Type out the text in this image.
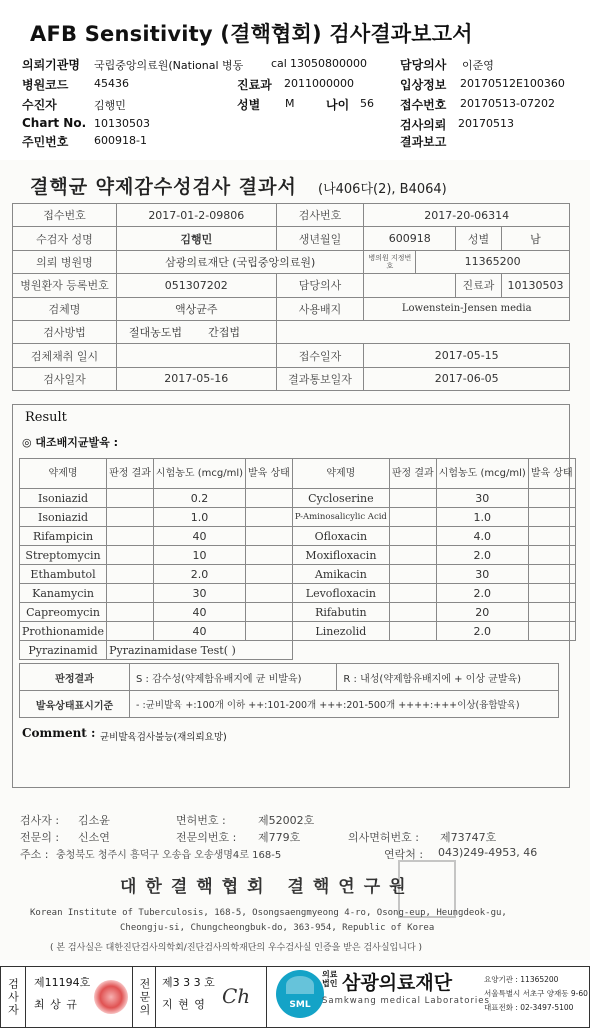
AFB Sensitivity (결핵협회) 검사결과보고서
의뢰기관명 국립중앙의료원(National 병동	cal 13050800000	담당의사 이준영
병원코드 45436	진료과 2011000000	입상정보 20170512E100360
수진자	김행민	성별 M	나이 56 접수번호 20170513-07202
Chart No. 10130503	검사의뢰 20170513
주민번호 600918-1	결과보고
결핵균 약제감수성검사 결과서 (나406다(2), B4064)
접수번호	2017-01-2-09806	검사번호	2017-20-06314			
수검자 성명	김행민	생년월일	600918		성별	남
의뢰 병원명	삼광의료재단 (국립중앙의료원)		병의원 지정번호	11365200		
병원환자 등록번호	051307202	담당의사			진료과	10130503
검체명	액상균주	사용배지	Lowenstein-Jensen media			
검사방법	절대농도법 간접법					
검체채취 일시		접수일자	2017-05-15			
검사일자	2017-05-16	결과통보일자	2017-06-05			
Result
◎ 대조배지균발육 :
약제명	판정 결과	시험농도 (mcg/ml)	발육 상태	약제명	판정 결과	시험농도 (mcg/ml)	발육 상태
Isoniazid		0.2		Cycloserine		30	
Isoniazid		1.0		P-Aminosalicylic Acid		1.0	
Rifampicin		40		Ofloxacin		4.0	
Streptomycin		10		Moxifloxacin		2.0	
Ethambutol		2.0		Amikacin		30	
Kanamycin		30		Levofloxacin		2.0	
Capreomycin		40		Rifabutin		20	
Prothionamide		40		Linezolid		2.0	
Pyrazinamid	Pyrazinamidase Test( )						
판정결과	S : 감수성(약제함유배지에 균 비발육)	R : 내성(약제함유배지에 + 이상 균발육)
발육상태표시기준	- :균비발육 +:100개 이하 ++:101-200개 +++:201-500개 ++++:+++이상(융합발육)	
Comment : 균비발육검사불능(재의뢰요망)
검사자 : 김소윤	면허번호 :	제52002호
전문의 : 신소연	전문의번호 : 제779호	의사면허번호 : 제73747호
주소 : 충청북도 청주시 흥덕구 오송읍 오송생명4로 168-5	연락처 : 043)249-4953, 46
대한결핵협회 결핵연구원
Korean Institute of Tuberculosis, 168-5, Osongsaengmyeong 4-ro, Osong-eup, Heungdeok-gu,
Cheongju-si, Chungcheongbuk-do, 363-954, Republic of Korea
( 본 검사실은 대한진단검사의학회/진단검사의학재단의 우수검사실 인증을 받은 검사실입니다 )
검사자	제11194호
최 상 규	전문의	제3 3 3 호
지 현 영 Ch	SML
의료 법인 삼광의료재단
Samkwang medical Laboratories
요양기관 : 11365200
서울특별시 서초구 양재동 9-60
대표전화 : 02-3497-5100
